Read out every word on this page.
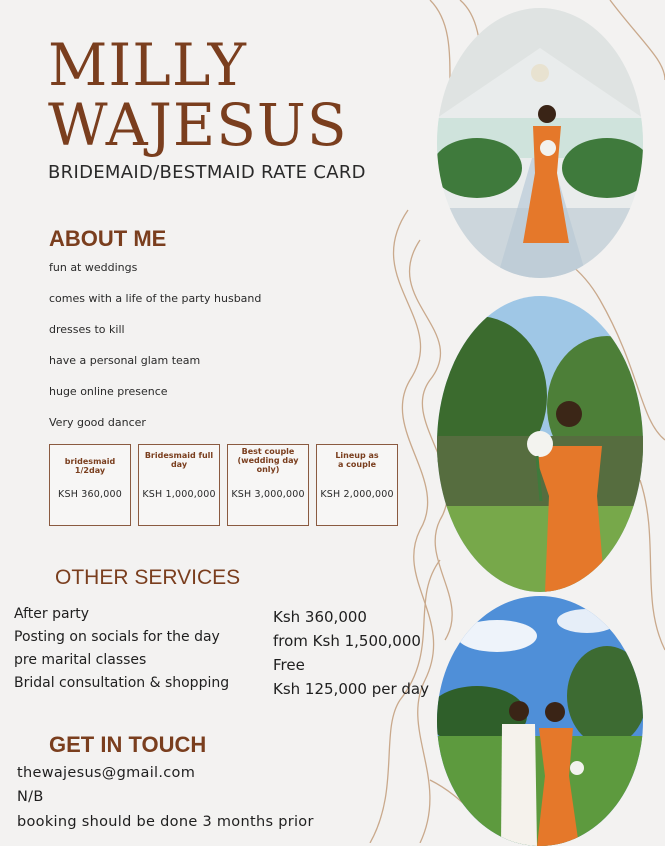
MILLY
WAJESUS
BRIDEMAID/BESTMAID RATE CARD
ABOUT ME
fun at weddings
comes with a life of the party husband
dresses to kill
have a personal glam team
huge online presence
Very good dancer
bridesmaid 1/2day
KSH 360,000
Bridesmaid full day
KSH 1,000,000
Best couple (wedding day only)
KSH 3,000,000
Lineup as a couple
KSH 2,000,000
OTHER SERVICES
After party
Posting on socials for the day
pre marital classes
Bridal consultation & shopping
Ksh 360,000
from Ksh 1,500,000
Free
Ksh 125,000 per day
GET IN TOUCH
thewajesus@gmail.com
N/B
booking should be done 3 months prior
